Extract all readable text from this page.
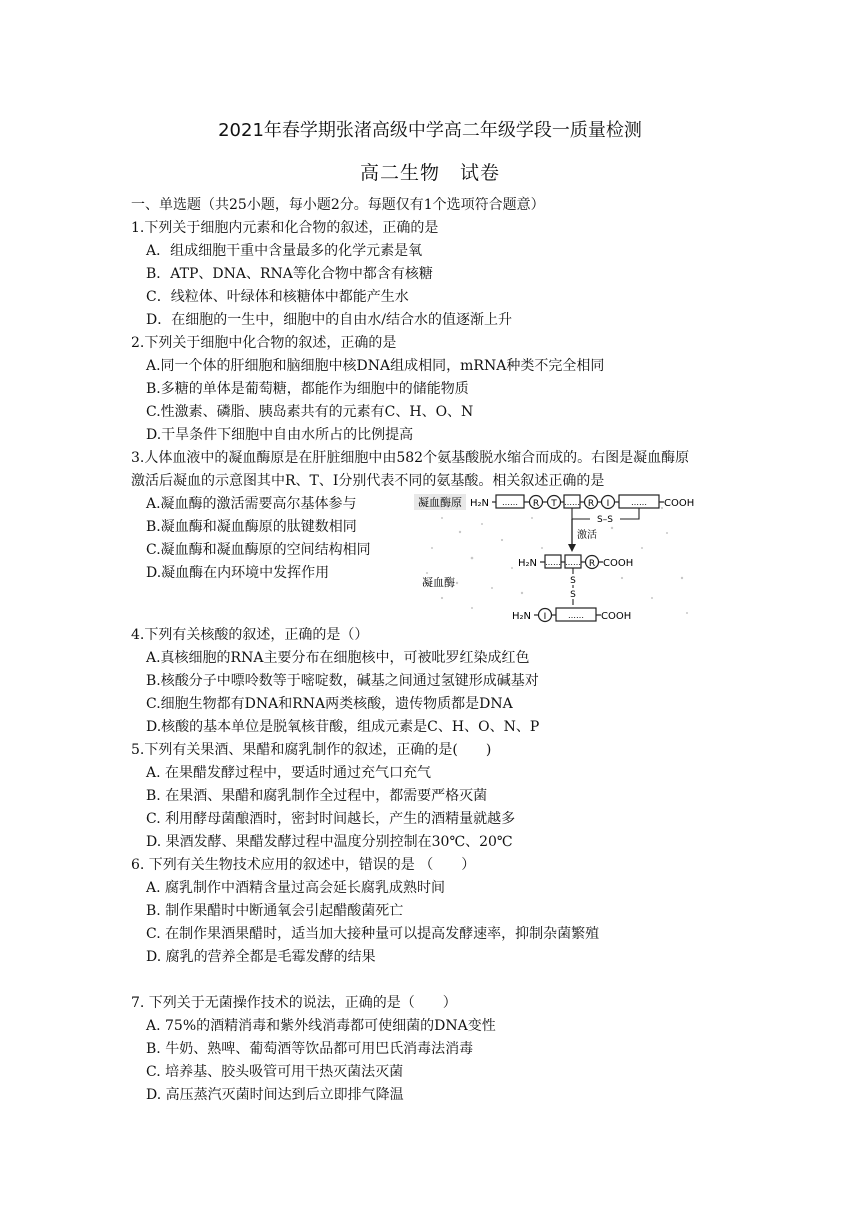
2021年春学期张渚高级中学高二年级学段一质量检测
高二生物　试卷
一、单选题（共25小题，每小题2分。每题仅有1个选项符合题意）
1.下列关于细胞内元素和化合物的叙述，正确的是
A．组成细胞干重中含量最多的化学元素是氧
B．ATP、DNA、RNA等化合物中都含有核糖
C．线粒体、叶绿体和核糖体中都能产生水
D．在细胞的一生中，细胞中的自由水/结合水的值逐渐上升
2.下列关于细胞中化合物的叙述，正确的是
A.同一个体的肝细胞和脑细胞中核DNA组成相同，mRNA种类不完全相同
B.多糖的单体是葡萄糖，都能作为细胞中的储能物质
C.性激素、磷脂、胰岛素共有的元素有C、H、O、N
D.干旱条件下细胞中自由水所占的比例提高
3.人体血液中的凝血酶原是在肝脏细胞中由582个氨基酸脱水缩合而成的。右图是凝血酶原
激活后凝血的示意图其中R、T、I分别代表不同的氨基酸。相关叙述正确的是
A.凝血酶的激活需要高尔基体参与
B.凝血酶和凝血酶原的肽键数相同
C.凝血酶和凝血酶原的空间结构相同
D.凝血酶在内环境中发挥作用
凝血酶原 H₂N …… R T …… R I	…… COOH
S–S
激活
H₂N …… …… R COOH
凝血酶	S
S
H₂N I	…… COOH
4.下列有关核酸的叙述，正确的是（）
A.真核细胞的RNA主要分布在细胞核中，可被吡罗红染成红色
B.核酸分子中嘌呤数等于嘧啶数，碱基之间通过氢键形成碱基对
C.细胞生物都有DNA和RNA两类核酸，遗传物质都是DNA
D.核酸的基本单位是脱氧核苷酸，组成元素是C、H、O、N、P
5.下列有关果酒、果醋和腐乳制作的叙述，正确的是(　　)
A. 在果醋发酵过程中，要适时通过充气口充气
B. 在果酒、果醋和腐乳制作全过程中，都需要严格灭菌
C. 利用酵母菌酿酒时，密封时间越长，产生的酒精量就越多
D. 果酒发酵、果醋发酵过程中温度分别控制在30℃、20℃
6. 下列有关生物技术应用的叙述中，错误的是 （　　）
A. 腐乳制作中酒精含量过高会延长腐乳成熟时间
B. 制作果醋时中断通氧会引起醋酸菌死亡
C. 在制作果酒果醋时，适当加大接种量可以提高发酵速率，抑制杂菌繁殖
D. 腐乳的营养全都是毛霉发酵的结果
7. 下列关于无菌操作技术的说法，正确的是（　　）
A. 75%的酒精消毒和紫外线消毒都可使细菌的DNA变性
B. 牛奶、熟啤、葡萄酒等饮品都可用巴氏消毒法消毒
C. 培养基、胶头吸管可用干热灭菌法灭菌
D. 高压蒸汽灭菌时间达到后立即排气降温
